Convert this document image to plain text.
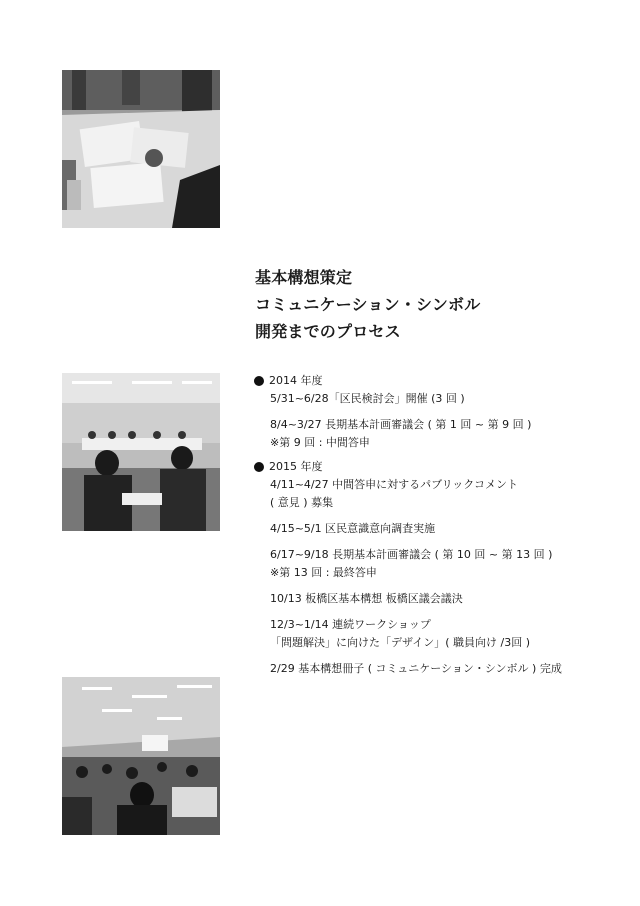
基本構想策定
コミュニケーション・シンボル
開発までのプロセス
2014 年度
5/31~6/28「区民検討会」開催 (3 回 )
8/4~3/27 長期基本計画審議会 ( 第 1 回 ~ 第 9 回 )
※第 9 回 : 中間答申
2015 年度
4/11~4/27 中間答申に対するパブリックコメント
( 意見 ) 募集
4/15~5/1 区民意識意向調査実施
6/17~9/18 長期基本計画審議会 ( 第 10 回 ~ 第 13 回 )
※第 13 回 : 最終答申
10/13 板橋区基本構想 板橋区議会議決
12/3~1/14 連続ワークショップ
「問題解決」に向けた「デザイン」( 職員向け /3回 )
2/29 基本構想冊子 ( コミュニケーション・シンボル ) 完成
